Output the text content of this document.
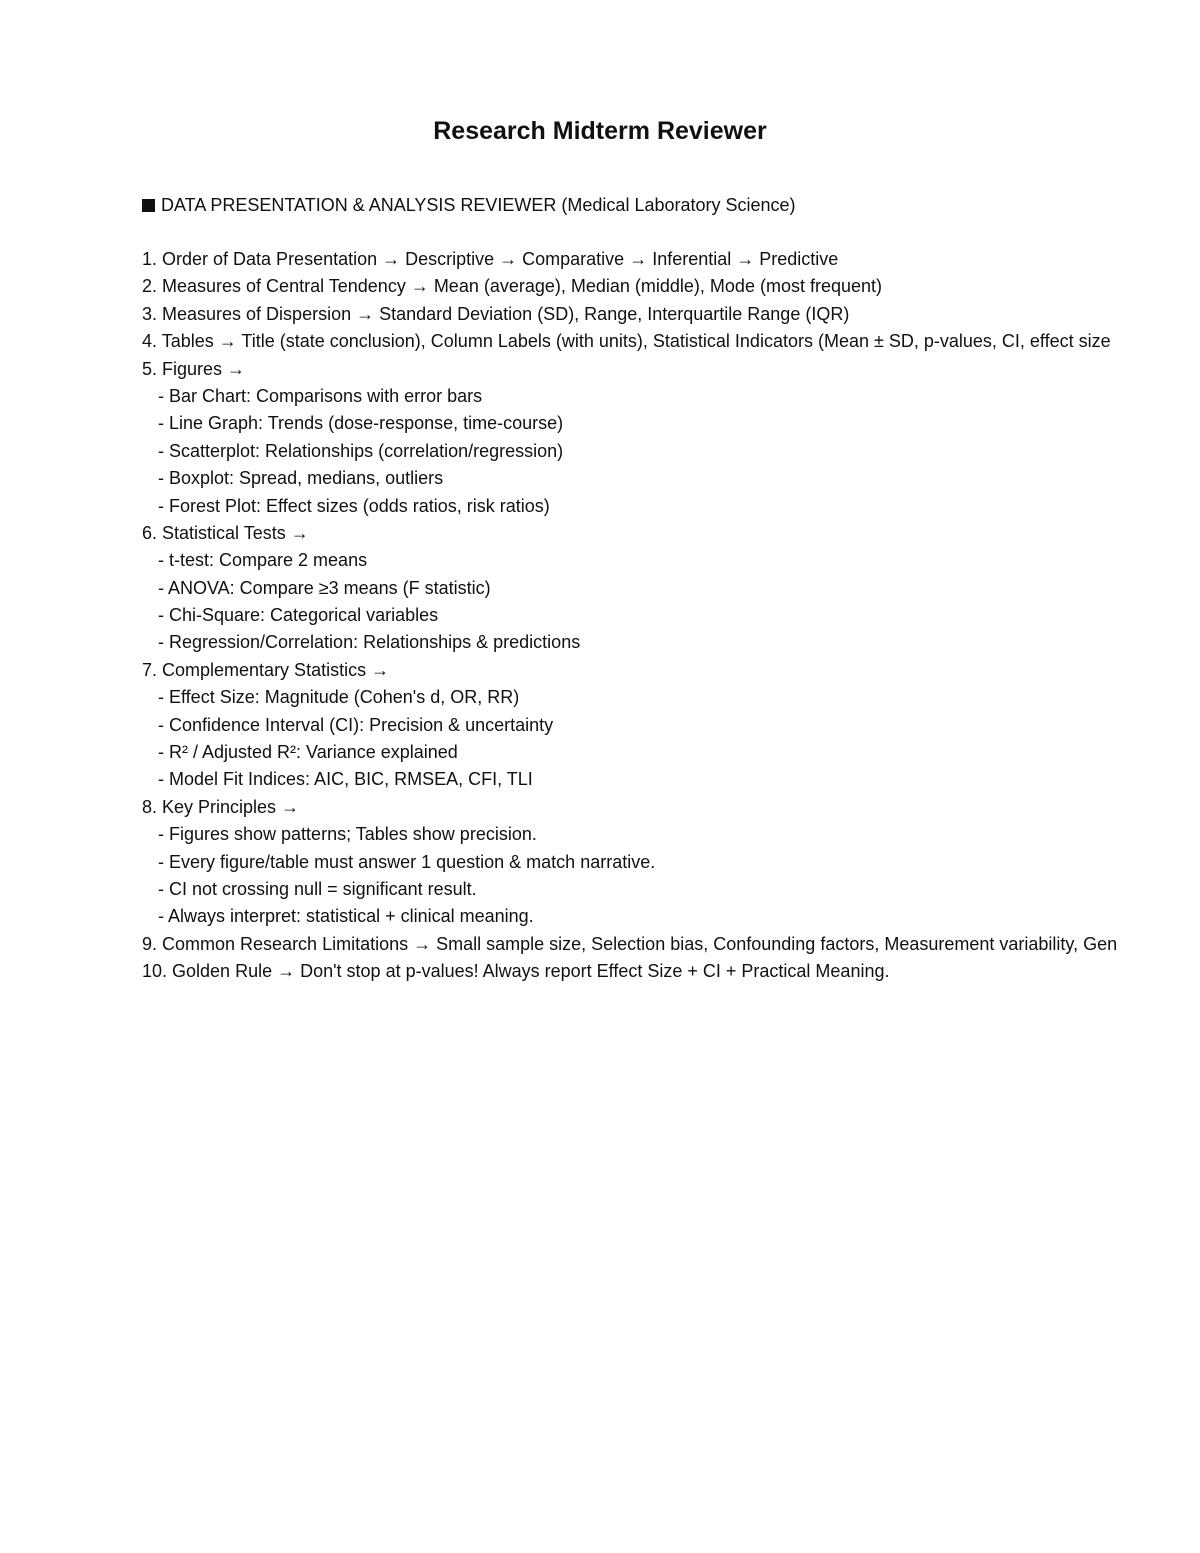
Research Midterm Reviewer
DATA PRESENTATION & ANALYSIS REVIEWER (Medical Laboratory Science)
1. Order of Data Presentation → Descriptive → Comparative → Inferential → Predictive
2. Measures of Central Tendency → Mean (average), Median (middle), Mode (most frequent)
3. Measures of Dispersion → Standard Deviation (SD), Range, Interquartile Range (IQR)
4. Tables → Title (state conclusion), Column Labels (with units), Statistical Indicators (Mean ± SD, p-values, CI, effect size
5. Figures →
- Bar Chart: Comparisons with error bars
- Line Graph: Trends (dose-response, time-course)
- Scatterplot: Relationships (correlation/regression)
- Boxplot: Spread, medians, outliers
- Forest Plot: Effect sizes (odds ratios, risk ratios)
6. Statistical Tests →
- t-test: Compare 2 means
- ANOVA: Compare ≥3 means (F statistic)
- Chi-Square: Categorical variables
- Regression/Correlation: Relationships & predictions
7. Complementary Statistics →
- Effect Size: Magnitude (Cohen's d, OR, RR)
- Confidence Interval (CI): Precision & uncertainty
- R² / Adjusted R²: Variance explained
- Model Fit Indices: AIC, BIC, RMSEA, CFI, TLI
8. Key Principles →
- Figures show patterns; Tables show precision.
- Every figure/table must answer 1 question & match narrative.
- CI not crossing null = significant result.
- Always interpret: statistical + clinical meaning.
9. Common Research Limitations → Small sample size, Selection bias, Confounding factors, Measurement variability, Gen
10. Golden Rule → Don't stop at p-values! Always report Effect Size + CI + Practical Meaning.
